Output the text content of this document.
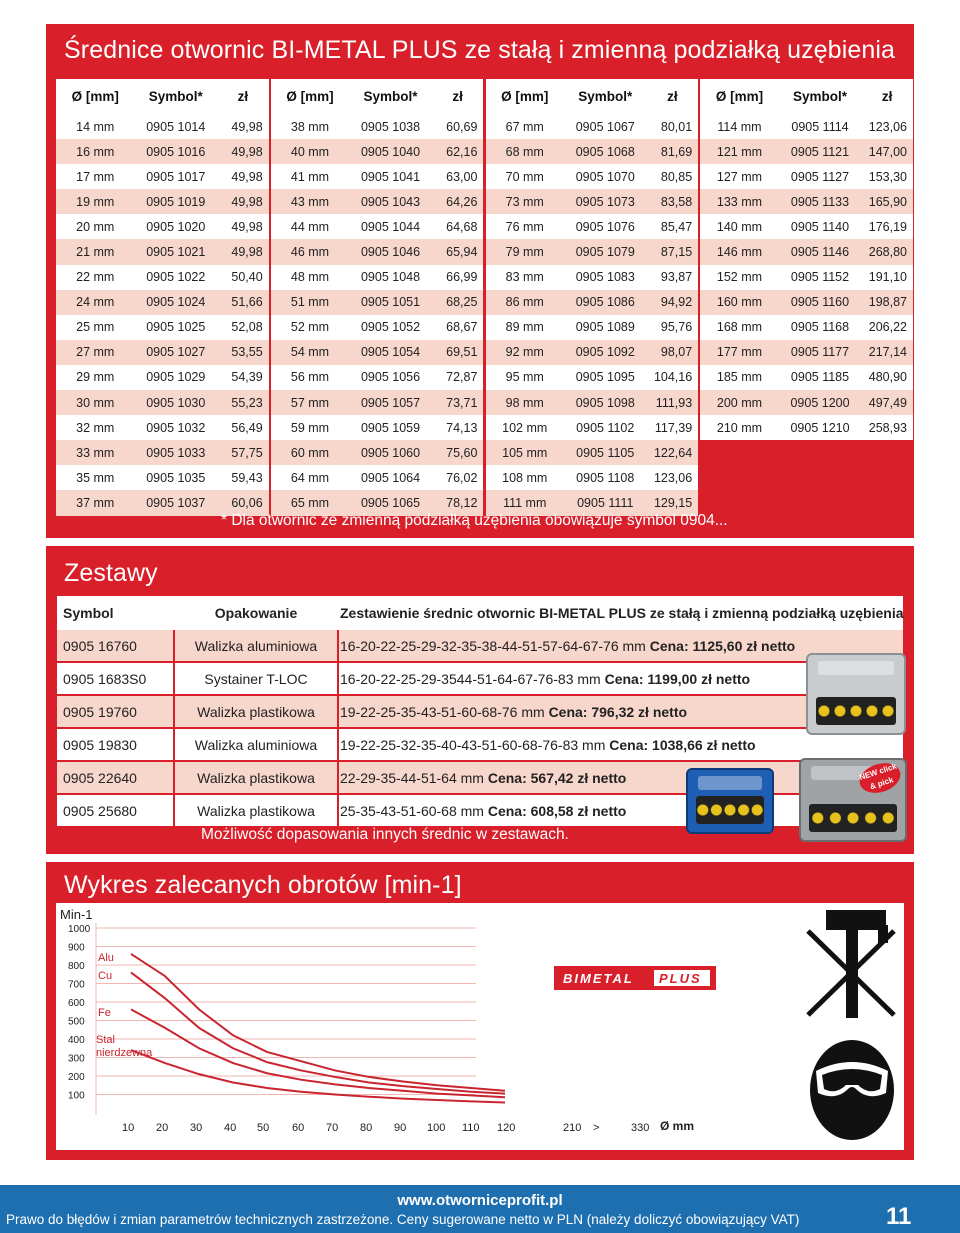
Średnice otwornic BI-METAL PLUS ze stałą i zmienną podziałką uzębienia
Ø [mm]	Symbol*	zł		Ø [mm]	Symbol*	zł		Ø [mm]	Symbol*	zł		Ø [mm]	Symbol*	zł
14 mm	0905 1014	49,98		38 mm	0905 1038	60,69		67 mm	0905 1067	80,01		114 mm	0905 1114	123,06
16 mm	0905 1016	49,98		40 mm	0905 1040	62,16		68 mm	0905 1068	81,69		121 mm	0905 1121	147,00
17 mm	0905 1017	49,98		41 mm	0905 1041	63,00		70 mm	0905 1070	80,85		127 mm	0905 1127	153,30
19 mm	0905 1019	49,98		43 mm	0905 1043	64,26		73 mm	0905 1073	83,58		133 mm	0905 1133	165,90
20 mm	0905 1020	49,98		44 mm	0905 1044	64,68		76 mm	0905 1076	85,47		140 mm	0905 1140	176,19
21 mm	0905 1021	49,98		46 mm	0905 1046	65,94		79 mm	0905 1079	87,15		146 mm	0905 1146	268,80
22 mm	0905 1022	50,40		48 mm	0905 1048	66,99		83 mm	0905 1083	93,87		152 mm	0905 1152	191,10
24 mm	0905 1024	51,66		51 mm	0905 1051	68,25		86 mm	0905 1086	94,92		160 mm	0905 1160	198,87
25 mm	0905 1025	52,08		52 mm	0905 1052	68,67		89 mm	0905 1089	95,76		168 mm	0905 1168	206,22
27 mm	0905 1027	53,55		54 mm	0905 1054	69,51		92 mm	0905 1092	98,07		177 mm	0905 1177	217,14
29 mm	0905 1029	54,39		56 mm	0905 1056	72,87		95 mm	0905 1095	104,16		185 mm	0905 1185	480,90
30 mm	0905 1030	55,23		57 mm	0905 1057	73,71		98 mm	0905 1098	111,93		200 mm	0905 1200	497,49
32 mm	0905 1032	56,49		59 mm	0905 1059	74,13		102 mm	0905 1102	117,39		210 mm	0905 1210	258,93
33 mm	0905 1033	57,75		60 mm	0905 1060	75,60		105 mm	0905 1105	122,64				
35 mm	0905 1035	59,43		64 mm	0905 1064	76,02		108 mm	0905 1108	123,06				
37 mm	0905 1037	60,06		65 mm	0905 1065	78,12		111 mm	0905 1111	129,15				
* Dla otwornic ze zmienną podziałką uzębienia obowiązuje symbol 0904...
Zestawy
Symbol	Opakowanie	Zestawienie średnic otwornic BI-METAL PLUS ze stałą i zmienną podziałką uzębienia
0905 16760	Walizka aluminiowa	16-20-22-25-29-32-35-38-44-51-57-64-67-76 mm Cena: 1125,60 zł netto
0905 1683S0	Systainer T-LOC	16-20-22-25-29-3544-51-64-67-76-83 mm Cena: 1199,00 zł netto
0905 19760	Walizka plastikowa	19-22-25-35-43-51-60-68-76 mm Cena: 796,32 zł netto
0905 19830	Walizka aluminiowa	19-22-25-32-35-40-43-51-60-68-76-83 mm Cena: 1038,66 zł netto
0905 22640	Walizka plastikowa	22-29-35-44-51-64 mm Cena: 567,42 zł netto
0905 25680	Walizka plastikowa	25-35-43-51-60-68 mm Cena: 608,58 zł netto
NEW click & pick
Możliwość dopasowania innych średnic w zestawach.
Wykres zalecanych obrotów [min-1]
Min-1
1000
900
800
700
600
500
400
300
200
100
10 20 30 40 50 60 70 80 90 100 110 120	210 >	330
Alu
Cu
Fe
Stal
nierdzewna
Ø mm
BIMETAL PLUS
www.otworniceprofit.pl
Prawo do błędów i zmian parametrów technicznych zastrzeżone. Ceny sugerowane netto w PLN (należy doliczyć obowiązujący VAT)	11
